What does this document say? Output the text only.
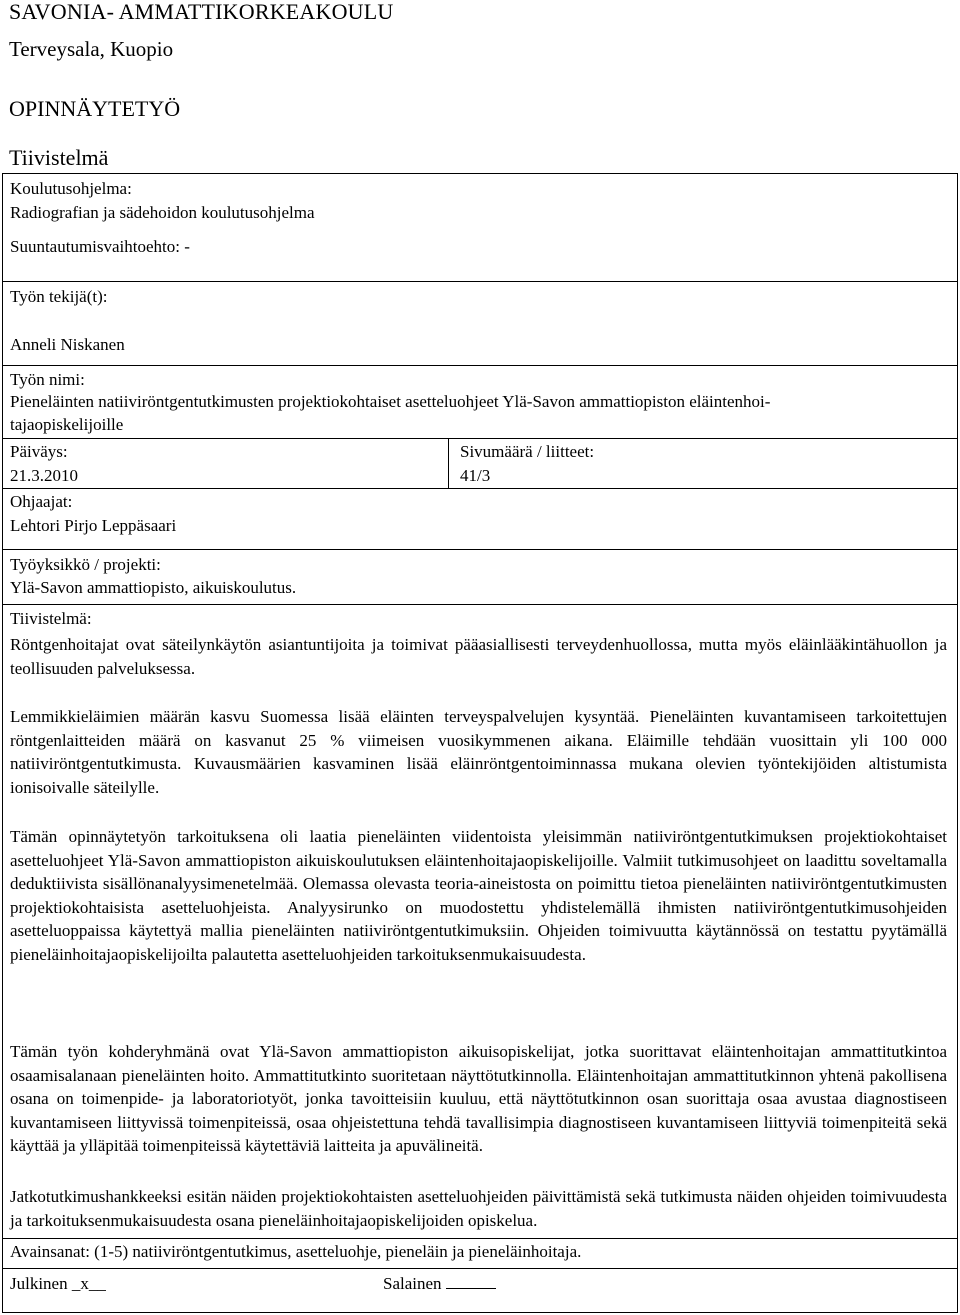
SAVONIA- AMMATTIKORKEAKOULU
Terveysala, Kuopio
OPINNÄYTETYÖ
Tiivistelmä
Koulutusohjelma:
Radiografian ja sädehoidon koulutusohjelma
Suuntautumisvaihtoehto: -
Työn tekijä(t):
Anneli Niskanen
Työn nimi:
Pieneläinten natiiviröntgentutkimusten projektiokohtaiset asetteluohjeet Ylä-Savon ammattiopiston eläintenhoi-
tajaopiskelijoille
Päiväys:
21.3.2010
Sivumäärä / liitteet:
41/3
Ohjaajat:
Lehtori Pirjo Leppäsaari
Työyksikkö / projekti:
Ylä-Savon ammattiopisto, aikuiskoulutus.
Tiivistelmä:

Röntgenhoitajat ovat säteilynkäytön asiantuntijoita ja toimivat pääasiallisesti terveydenhuollossa, mutta myös eläinlääkintähuollon ja teollisuuden palveluksessa.

Lemmikkieläimien määrän kasvu Suomessa lisää eläinten terveyspalvelujen kysyntää. Pieneläinten kuvantamiseen tarkoitettujen röntgenlaitteiden määrä on kasvanut 25 % viimeisen vuosikymmenen aikana. Eläimille tehdään vuosittain yli 100 000 natiiviröntgentutkimusta. Kuvausmäärien kasvaminen lisää eläinröntgentoiminnassa mukana olevien työntekijöiden altistumista ionisoivalle säteilylle.

Tämän opinnäytetyön tarkoituksena oli laatia pieneläinten viidentoista yleisimmän natiiviröntgentutkimuksen projektiokohtaiset asetteluohjeet Ylä-Savon ammattiopiston aikuiskoulutuksen eläintenhoitajaopiskelijoille. Valmiit tutkimusohjeet on laadittu soveltamalla deduktiivista sisällönanalyysimenetelmää. Olemassa olevasta teoria-aineistosta on poimittu tietoa pieneläinten natiiviröntgentutkimusten projektiokohtaisista asetteluohjeista. Analyysirunko on muodostettu yhdistelemällä ihmisten natiiviröntgentutkimusohjeiden asetteluoppaissa käytettyä mallia pieneläinten natiiviröntgentutkimuksiin. Ohjeiden toimivuutta käytännössä on testattu pyytämällä pieneläinhoitajaopiskelijoilta palautetta asetteluohjeiden tarkoituksenmukaisuudesta.

Tämän työn kohderyhmänä ovat Ylä-Savon ammattiopiston aikuisopiskelijat, jotka suorittavat eläintenhoitajan ammattitutkintoa osaamisalanaan pieneläinten hoito. Ammattitutkinto suoritetaan näyttötutkinnolla. Eläintenhoitajan ammattitutkinnon yhtenä pakollisena osana on toimenpide- ja laboratoriotyöt, jonka tavoitteisiin kuuluu, että näyttötutkinnon osan suorittaja osaa avustaa diagnostiseen kuvantamiseen liittyvissä toimenpiteissä, osaa ohjeistettuna tehdä tavallisimpia diagnostiseen kuvantamiseen liittyviä toimenpiteitä sekä käyttää ja ylläpitää toimenpiteissä käytettäviä laitteita ja apuvälineitä.

Jatkotutkimushankkeeksi esitän näiden projektiokohtaisten asetteluohjeiden päivittämistä sekä tutkimusta näiden ohjeiden toimivuudesta ja tarkoituksenmukaisuudesta osana pieneläinhoitajaopiskelijoiden opiskelua.

Avainsanat: (1-5) natiiviröntgentutkimus, asetteluohje, pieneläin ja pieneläinhoitaja.
Julkinen _x__	Salainen
